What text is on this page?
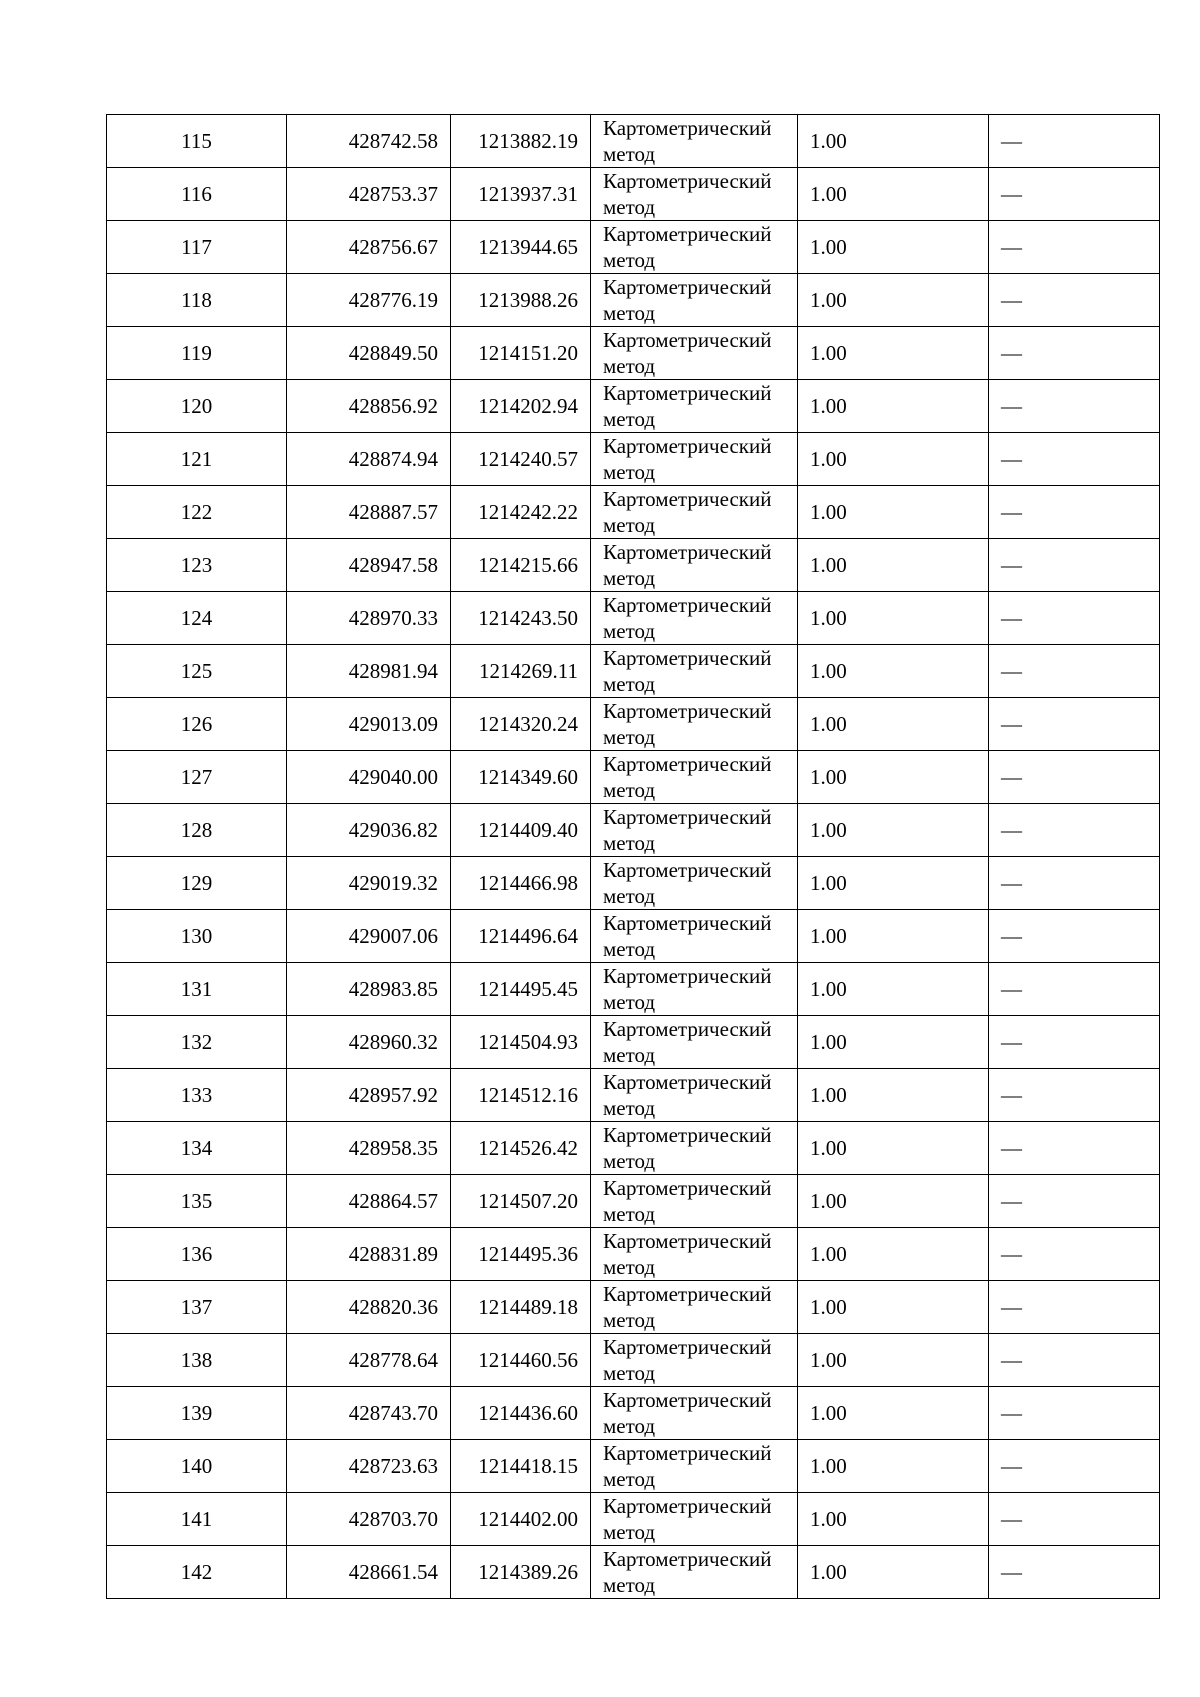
115	428742.58	1213882.19	Картометрический метод	1.00	—
116	428753.37	1213937.31	Картометрический метод	1.00	—
117	428756.67	1213944.65	Картометрический метод	1.00	—
118	428776.19	1213988.26	Картометрический метод	1.00	—
119	428849.50	1214151.20	Картометрический метод	1.00	—
120	428856.92	1214202.94	Картометрический метод	1.00	—
121	428874.94	1214240.57	Картометрический метод	1.00	—
122	428887.57	1214242.22	Картометрический метод	1.00	—
123	428947.58	1214215.66	Картометрический метод	1.00	—
124	428970.33	1214243.50	Картометрический метод	1.00	—
125	428981.94	1214269.11	Картометрический метод	1.00	—
126	429013.09	1214320.24	Картометрический метод	1.00	—
127	429040.00	1214349.60	Картометрический метод	1.00	—
128	429036.82	1214409.40	Картометрический метод	1.00	—
129	429019.32	1214466.98	Картометрический метод	1.00	—
130	429007.06	1214496.64	Картометрический метод	1.00	—
131	428983.85	1214495.45	Картометрический метод	1.00	—
132	428960.32	1214504.93	Картометрический метод	1.00	—
133	428957.92	1214512.16	Картометрический метод	1.00	—
134	428958.35	1214526.42	Картометрический метод	1.00	—
135	428864.57	1214507.20	Картометрический метод	1.00	—
136	428831.89	1214495.36	Картометрический метод	1.00	—
137	428820.36	1214489.18	Картометрический метод	1.00	—
138	428778.64	1214460.56	Картометрический метод	1.00	—
139	428743.70	1214436.60	Картометрический метод	1.00	—
140	428723.63	1214418.15	Картометрический метод	1.00	—
141	428703.70	1214402.00	Картометрический метод	1.00	—
142	428661.54	1214389.26	Картометрический метод	1.00	—
